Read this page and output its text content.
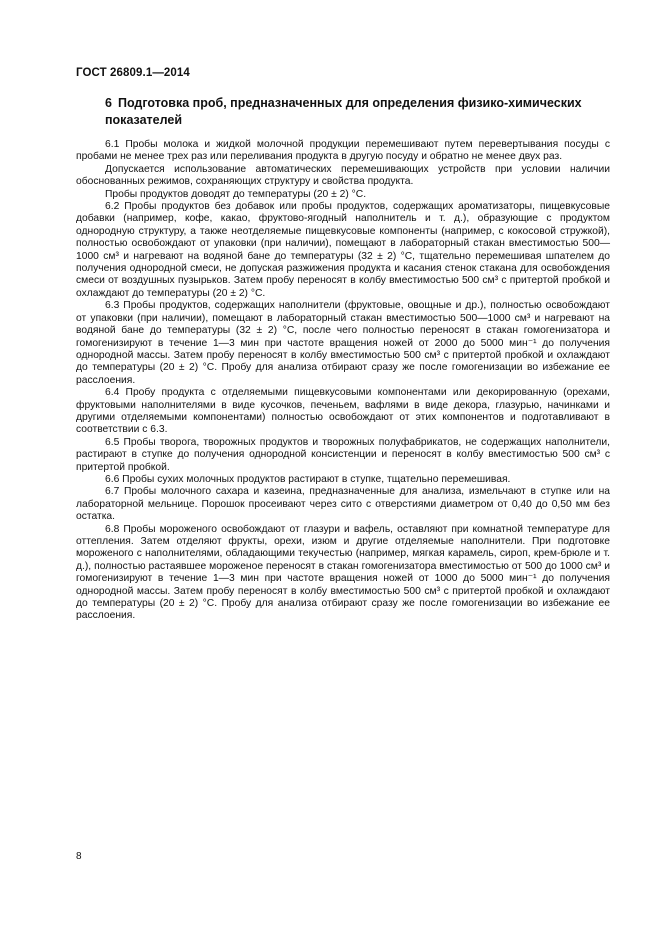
ГОСТ 26809.1—2014
6 Подготовка проб, предназначенных для определения физико-химических показателей

6.1 Пробы молока и жидкой молочной продукции перемешивают путем перевертывания посуды с пробами не менее трех раз или переливания продукта в другую посуду и обратно не менее двух раз.

Допускается использование автоматических перемешивающих устройств при условии наличии обоснованных режимов, сохраняющих структуру и свойства продукта.

Пробы продуктов доводят до температуры (20 ± 2) °С.

6.2 Пробы продуктов без добавок или пробы продуктов, содержащих ароматизаторы, пищевкусовые добавки (например, кофе, какао, фруктово-ягодный наполнитель и т. д.), образующие с продуктом однородную структуру, а также неотделяемые пищевкусовые компоненты (например, с кокосовой стружкой), полностью освобождают от упаковки (при наличии), помещают в лабораторный стакан вместимостью 500—1000 см³ и нагревают на водяной бане до температуры (32 ± 2) °С, тщательно перемешивая шпателем до получения однородной смеси, не допуская разжижения продукта и касания стенок стакана для освобождения смеси от воздушных пузырьков. Затем пробу переносят в колбу вместимостью 500 см³ с притертой пробкой и охлаждают до температуры (20 ± 2) °С.

6.3 Пробы продуктов, содержащих наполнители (фруктовые, овощные и др.), полностью освобождают от упаковки (при наличии), помещают в лабораторный стакан вместимостью 500—1000 см³ и нагревают на водяной бане до температуры (32 ± 2) °С, после чего полностью переносят в стакан гомогенизатора и гомогенизируют в течение 1—3 мин при частоте вращения ножей от 2000 до 5000 мин⁻¹ до получения однородной массы. Затем пробу переносят в колбу вместимостью 500 см³ с притертой пробкой и охлаждают до температуры (20 ± 2) °С. Пробу для анализа отбирают сразу же после гомогенизации во избежание ее расслоения.

6.4 Пробу продукта с отделяемыми пищевкусовыми компонентами или декорированную (орехами, фруктовыми наполнителями в виде кусочков, печеньем, вафлями в виде декора, глазурью, начинками и другими отделяемыми компонентами) полностью освобождают от этих компонентов и подготавливают в соответствии с 6.3.

6.5 Пробы творога, творожных продуктов и творожных полуфабрикатов, не содержащих наполнители, растирают в ступке до получения однородной консистенции и переносят в колбу вместимостью 500 см³ с притертой пробкой.

6.6 Пробы сухих молочных продуктов растирают в ступке, тщательно перемешивая.

6.7 Пробы молочного сахара и казеина, предназначенные для анализа, измельчают в ступке или на лабораторной мельнице. Порошок просеивают через сито с отверстиями диаметром от 0,40 до 0,50 мм без остатка.

6.8 Пробы мороженого освобождают от глазури и вафель, оставляют при комнатной температуре для оттепления. Затем отделяют фрукты, орехи, изюм и другие отделяемые наполнители. При подготовке мороженого с наполнителями, обладающими текучестью (например, мягкая карамель, сироп, крем-брюле и т. д.), полностью растаявшее мороженое переносят в стакан гомогенизатора вместимостью от 500 до 1000 см³ и гомогенизируют в течение 1—3 мин при частоте вращения ножей от 1000 до 5000 мин⁻¹ до получения однородной массы. Затем пробу переносят в колбу вместимостью 500 см³ с притертой пробкой и охлаждают до температуры (20 ± 2) °С. Пробу для анализа отбирают сразу же после гомогенизации во избежание ее расслоения.

8
